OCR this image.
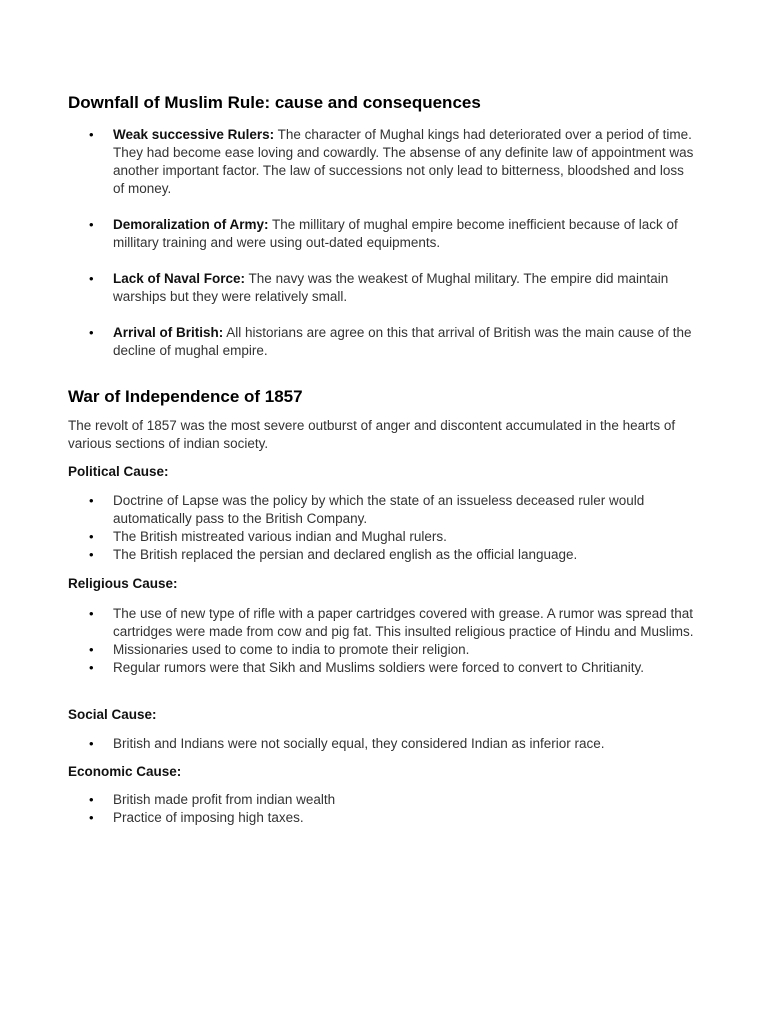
Downfall of Muslim Rule: cause and consequences
• Weak successive Rulers: The character of Mughal kings had deteriorated over a period of time. They had become ease loving and cowardly. The absense of any definite law of appointment was another important factor. The law of successions not only lead to bitterness, bloodshed and loss of money.
• Demoralization of Army: The millitary of mughal empire become inefficient because of lack of millitary training and were using out-dated equipments.
• Lack of Naval Force: The navy was the weakest of Mughal military. The empire did maintain warships but they were relatively small.
• Arrival of British: All historians are agree on this that arrival of British was the main cause of the decline of mughal empire.
War of Independence of 1857

The revolt of 1857 was the most severe outburst of anger and discontent accumulated in the hearts of various sections of indian society.

Political Cause:

• Doctrine of Lapse was the policy by which the state of an issueless deceased ruler would automatically pass to the British Company.
• The British mistreated various indian and Mughal rulers.
• The British replaced the persian and declared english as the official language.

Religious Cause:

• The use of new type of rifle with a paper cartridges covered with grease. A rumor was spread that cartridges were made from cow and pig fat. This insulted religious practice of Hindu and Muslims.
• Missionaries used to come to india to promote their religion.
• Regular rumors were that Sikh and Muslims soldiers were forced to convert to Chritianity.

Social Cause:

• British and Indians were not socially equal, they considered Indian as inferior race.

Economic Cause:

• British made profit from indian wealth
• Practice of imposing high taxes.
